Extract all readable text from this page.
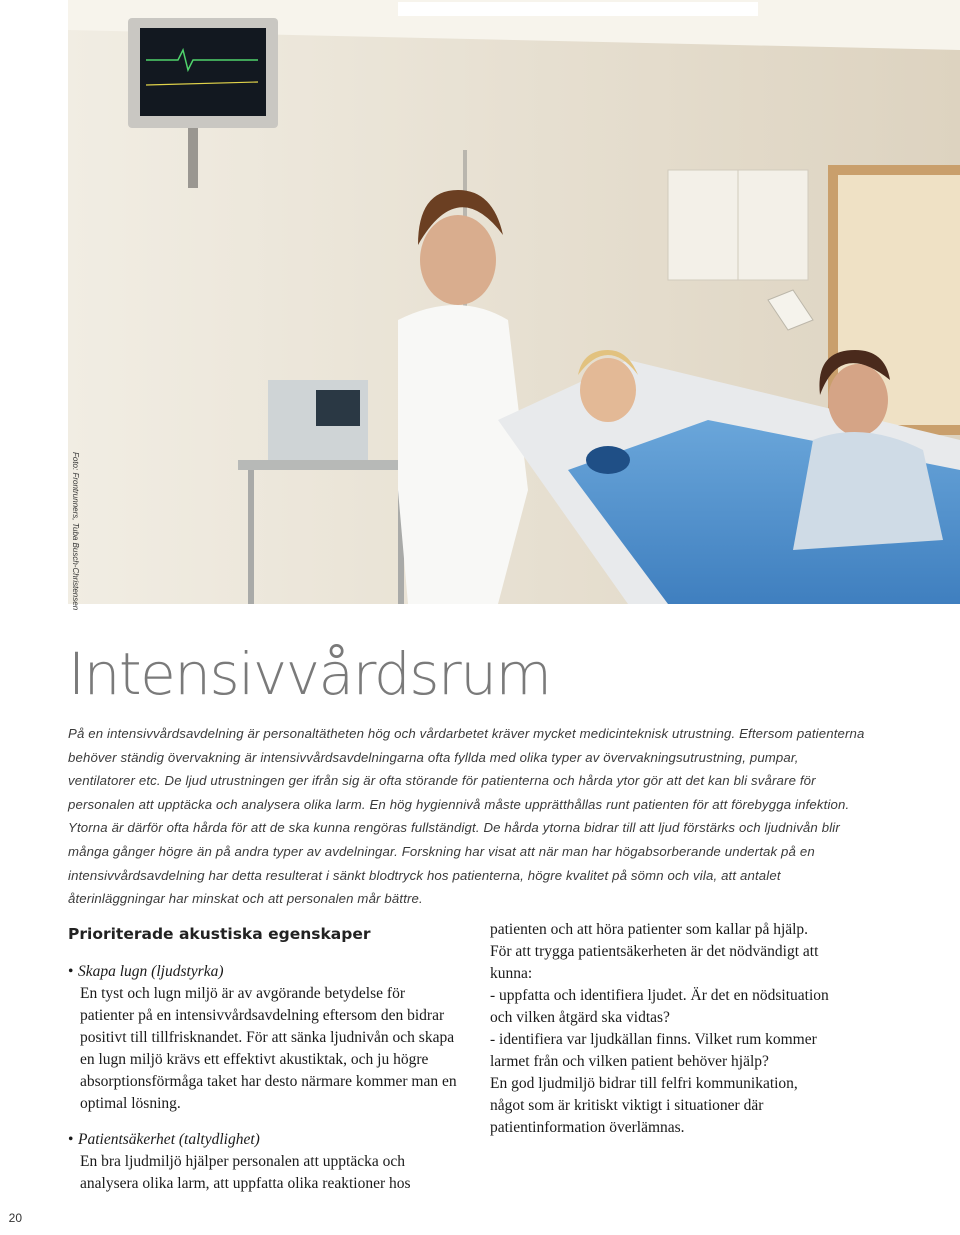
Foto: Frontrunners, Tuba Busch-Christensen
Intensivvårdsrum

På en intensivvårdsavdelning är personaltätheten hög och vårdarbetet kräver mycket medicinteknisk utrustning. Eftersom patienterna behöver ständig övervakning är intensivvårdsavdelningarna ofta fyllda med olika typer av övervakningsutrustning, pumpar, ventilatorer etc. De ljud utrustningen ger ifrån sig är ofta störande för patienterna och hårda ytor gör att det kan bli svårare för personalen att upptäcka och analysera olika larm. En hög hygiennivå måste upprätthållas runt patienten för att förebygga infektion. Ytorna är därför ofta hårda för att de ska kunna rengöras fullständigt. De hårda ytorna bidrar till att ljud förstärks och ljudnivån blir många gånger högre än på andra typer av avdelningar. Forskning har visat att när man har högabsorberande undertak på en intensivvårdsavdelning har detta resulterat i sänkt blodtryck hos patienterna, högre kvalitet på sömn och vila, att antalet återinläggningar har minskat och att personalen mår bättre.

Prioriterade akustiska egenskaper
• Skapa lugn (ljudstyrka)

En tyst och lugn miljö är av avgörande betydelse för patienter på en intensivvårdsavdelning eftersom den bidrar positivt till tillfrisknandet. För att sänka ljudnivån och skapa en lugn miljö krävs ett effektivt akustiktak, och ju högre absorptionsförmåga taket har desto närmare kommer man en optimal lösning.

• Patientsäkerhet (taltydlighet)

En bra ljudmiljö hjälper personalen att upptäcka och analysera olika larm, att uppfatta olika reaktioner hos

patienten och att höra patienter som kallar på hjälp.
För att trygga patientsäkerheten är det nödvändigt att
kunna:
- uppfatta och identifiera ljudet. Är det en nödsituation
och vilken åtgärd ska vidtas?
- identifiera var ljudkällan finns. Vilket rum kommer
larmet från och vilken patient behöver hjälp?
En god ljudmiljö bidrar till felfri kommunikation,
något som är kritiskt viktigt i situationer där
patientinformation överlämnas.
20
